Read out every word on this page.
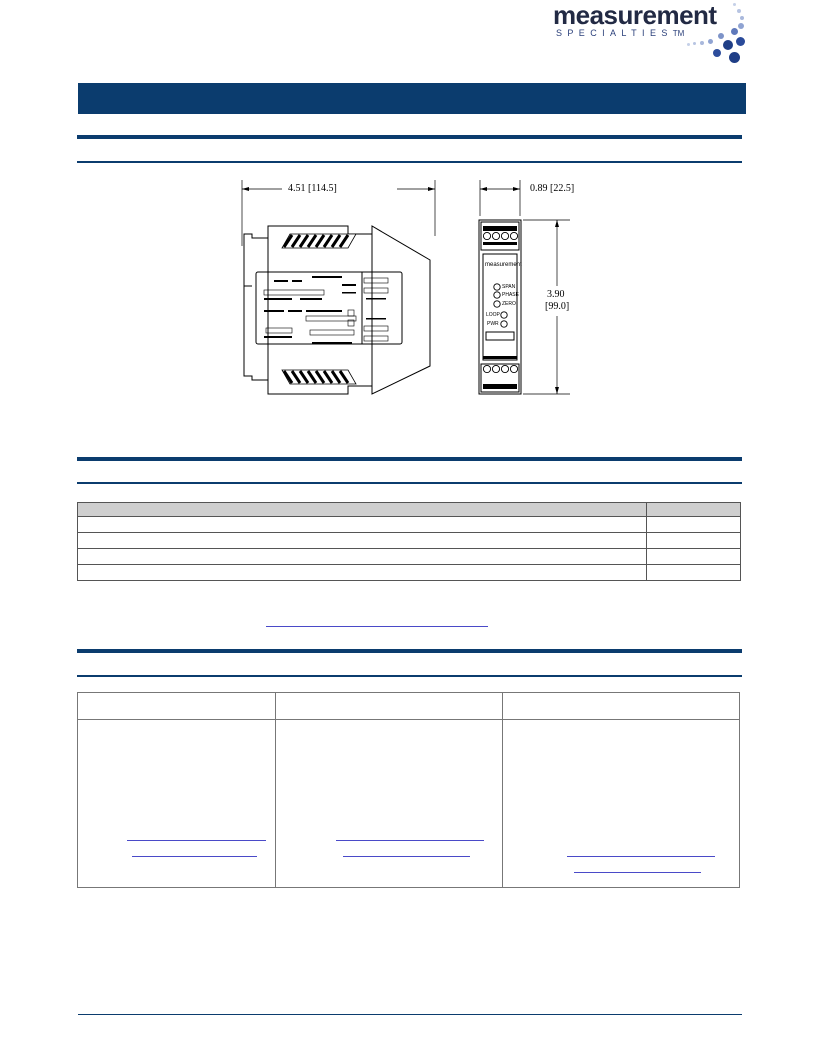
measurement
SPECIALTIESTM
4.51 [114.5]	0.89 [22.5]
3.90
[99.0]
measurement
SPAN
PHASE
ZERO
LOOP
PWR
